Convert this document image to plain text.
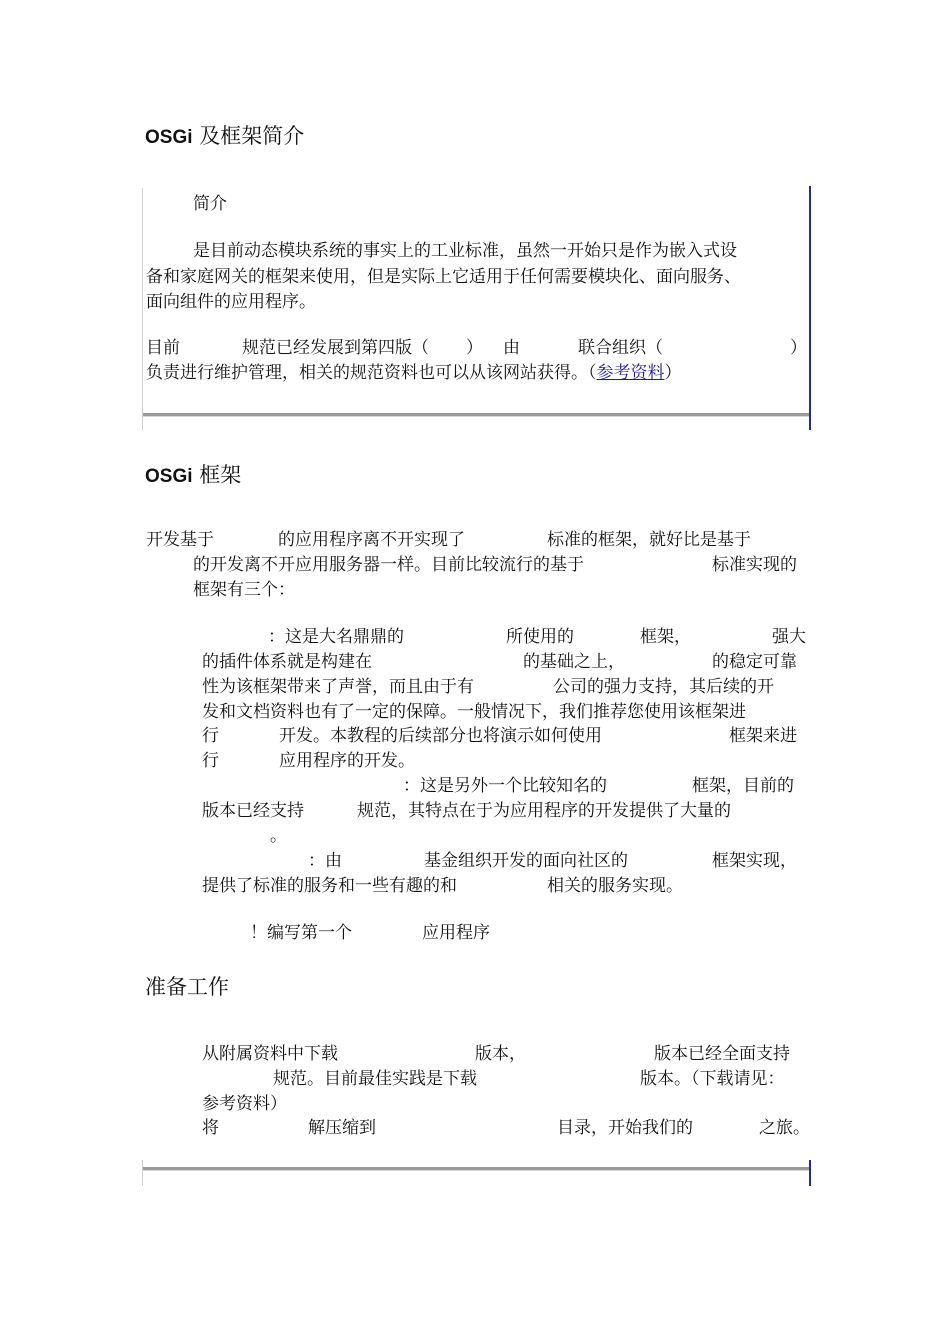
OSGi 及框架简介
简介
是目前动态模块系统的事实上的工业标准，虽然一开始只是作为嵌入式设
备和家庭网关的框架来使用，但是实际上它适用于任何需要模块化、面向服务、
面向组件的应用程序。
目前	规范已经发展到第四版（ ） 由	联合组织（	）
负责进行维护管理，相关的规范资料也可以从该网站获得。（参考资料）
OSGi 框架
开发基于	的应用程序离不开实现了	标准的框架，就好比是基于
的开发离不开应用服务器一样。目前比较流行的基于	标准实现的
框架有三个：
：这是大名鼎鼎的	所使用的	框架，	强大
的插件体系就是构建在	的基础之上，	的稳定可靠
性为该框架带来了声誉，而且由于有	公司的强力支持，其后续的开
发和文档资料也有了一定的保障。一般情况下，我们推荐您使用该框架进
行	开发。本教程的后续部分也将演示如何使用	框架来进
行	应用程序的开发。
：这是另外一个比较知名的	框架，目前的
版本已经支持	规范，其特点在于为应用程序的开发提供了大量的
。
：由	基金组织开发的面向社区的	框架实现，
提供了标准的服务和一些有趣的和	相关的服务实现。
！编写第一个	应用程序
准备工作
从附属资料中下载	版本，	版本已经全面支持
规范。目前最佳实践是下载	版本。（下载请见：
参考资料）
将	解压缩到	目录，开始我们的	之旅。
